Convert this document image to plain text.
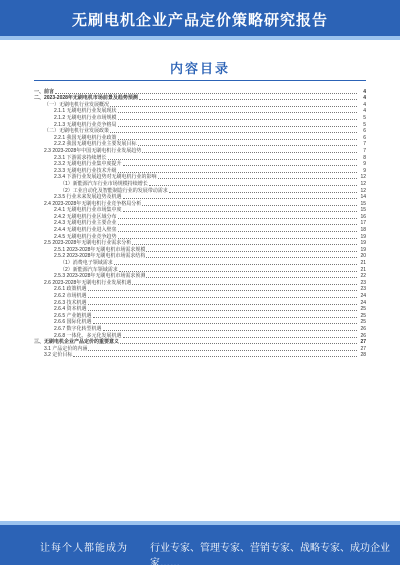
无刷电机企业产品定价策略研究报告
内容目录
一、前言	4
二、2023-2028年无刷电机市场前景及趋势预测	4
（一）无刷电机行业发展概况	4
2.1.1 无刷电机行业发展现状	4
2.1.2 无刷电机行业市场规模	5
2.1.3 无刷电机行业竞争格局	5
（二）无刷电机行业发展政策	6
2.2.1 我国无刷电机行业政策	6
2.2.2 我国无刷电机行业主要发展目标	7
2.3 2023-2028年中国无刷电机行业发展趋势	7
2.3.1 下游需求持续增长	8
2.3.2 无刷电机行业集中度提升	9
2.3.3 无刷电机行业技术升级	9
2.3.4 下游行业发展趋势对无刷电机行业的影响	12
（1）新能源汽车行业市场规模持续增长	12
（2）工业自动化及智能制造行业的发展带动需求	12
2.3.5 行业未来发展趋势及机遇	14
2.4 2023-2028年无刷电机行业竞争格局分析	15
2.4.1 无刷电机行业市场集中度	15
2.4.2 无刷电机行业区域分布	16
2.4.3 无刷电机行业主要企业	17
2.4.4 无刷电机行业进入壁垒	18
2.4.5 无刷电机行业竞争趋势	19
2.5 2023-2028年无刷电机行业需求分析	19
2.5.1 2023-2028年无刷电机市场需求规模	19
2.5.2 2023-2028年无刷电机市场需求结构	20
（1）消费电子领域需求	21
（2）新能源汽车领域需求	21
2.5.3 2023-2028年无刷电机市场需求预测	22
2.6 2023-2028年无刷电机行业发展机遇	23
2.6.1 政策机遇	23
2.6.2 市场机遇	24
2.6.3 技术机遇	24
2.6.4 资本机遇	25
2.6.5 产业链机遇	25
2.6.6 国际化机遇	25
2.6.7 数字化转型机遇	26
2.6.8 一体化、多元化发展机遇	26
三、无刷电机企业产品定价的重要意义	27
3.1 产品定价的内涵	27
3.2 定价目标	28
让每个人都能成为 行业专家、管理专家、营销专家、战略专家、成功企业家……
